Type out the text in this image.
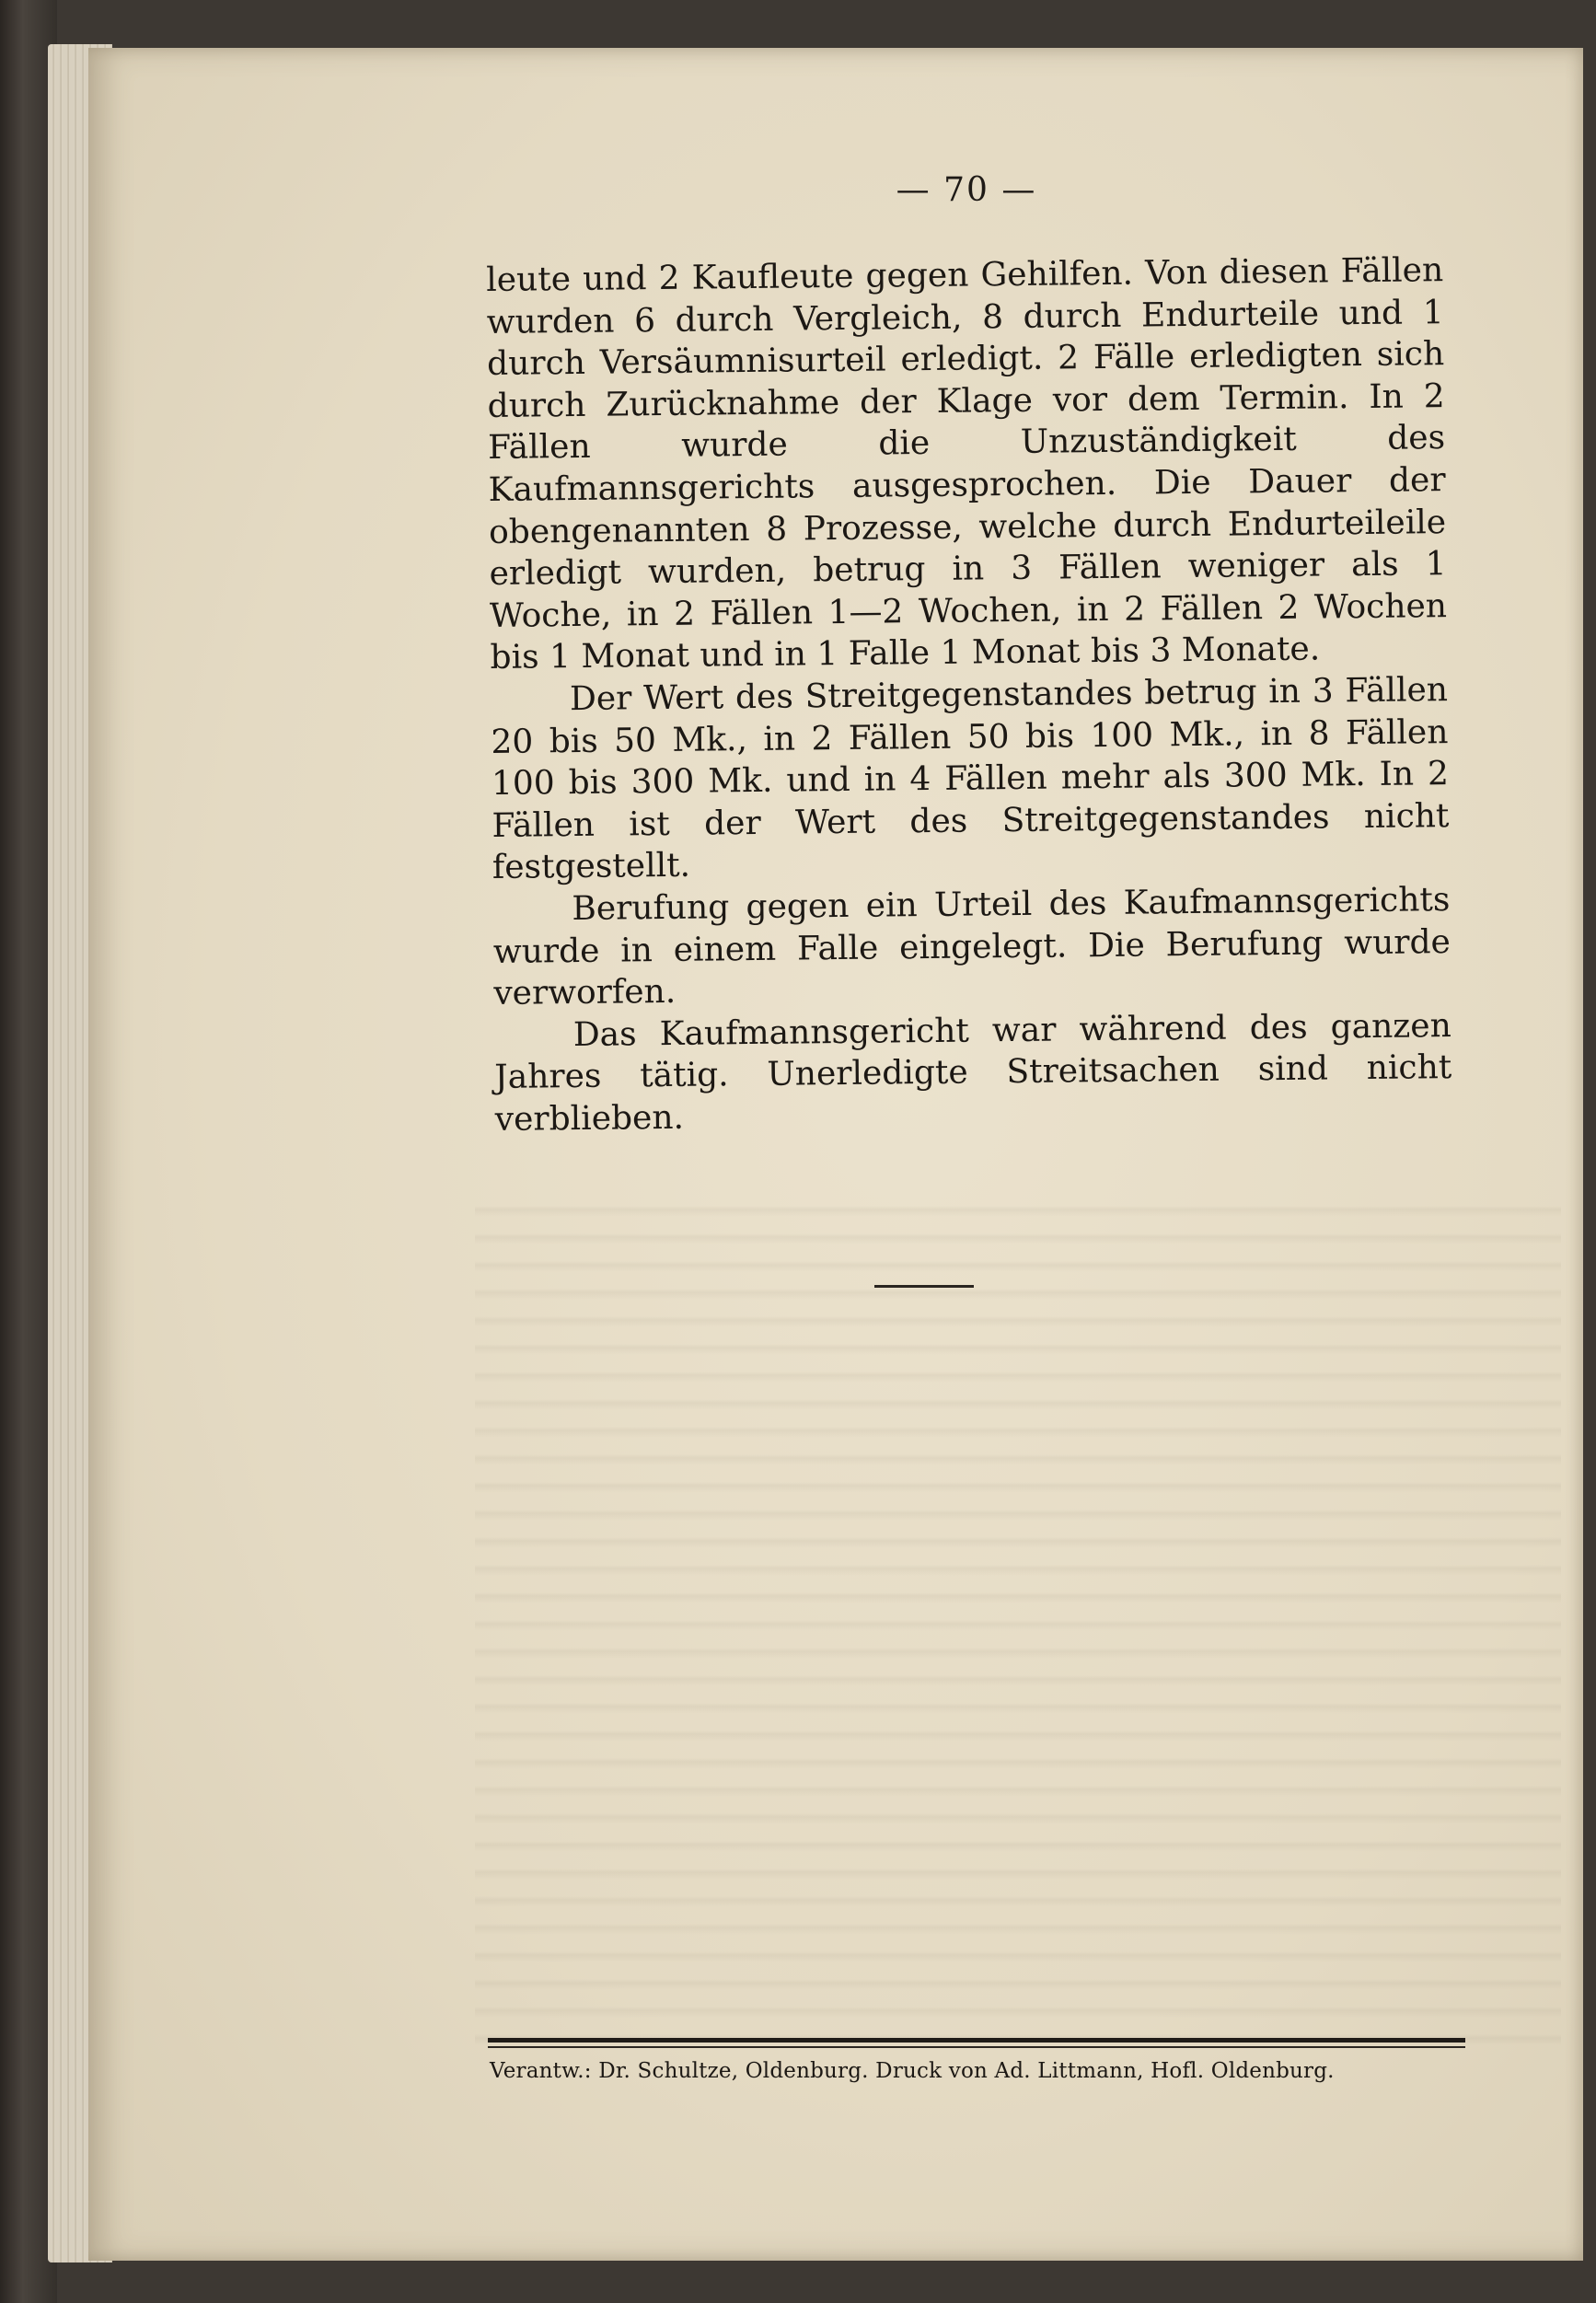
— 70 —

leute und 2 Kaufleute gegen Gehilfen. Von diesen Fällen wurden 6 durch Vergleich, 8 durch Endurteile und 1 durch Versäumnisurteil erledigt. 2 Fälle erledigten sich durch Zurücknahme der Klage vor dem Termin. In 2 Fällen wurde die Unzuständigkeit des Kaufmannsgerichts ausgesprochen. Die Dauer der obengenannten 8 Prozesse, welche durch Endurteileile erledigt wurden, betrug in 3 Fällen weniger als 1 Woche, in 2 Fällen 1—2 Wochen, in 2 Fällen 2 Wochen bis 1 Monat und in 1 Falle 1 Monat bis 3 Monate.

Der Wert des Streitgegenstandes betrug in 3 Fällen 20 bis 50 Mk., in 2 Fällen 50 bis 100 Mk., in 8 Fällen 100 bis 300 Mk. und in 4 Fällen mehr als 300 Mk. In 2 Fällen ist der Wert des Streitgegenstandes nicht festgestellt.

Berufung gegen ein Urteil des Kaufmannsgerichts wurde in einem Falle eingelegt. Die Berufung wurde verworfen.

Das Kaufmannsgericht war während des ganzen Jahres tätig. Unerledigte Streitsachen sind nicht verblieben.

Verantw.: Dr. Schultze, Oldenburg. Druck von Ad. Littmann, Hofl. Oldenburg.
